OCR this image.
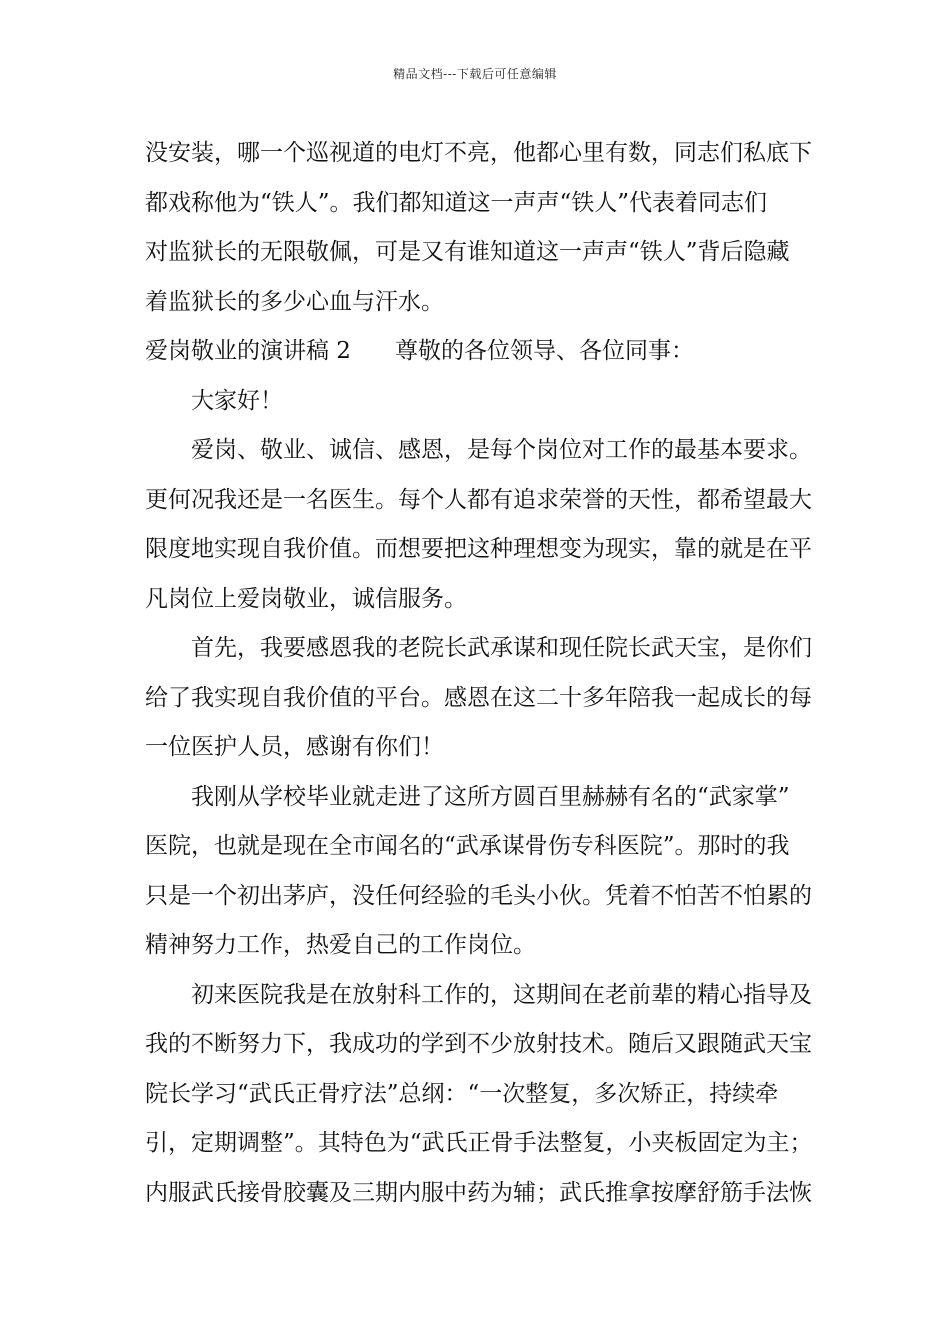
精品文档---下载后可任意编辑
没安装，哪一个巡视道的电灯不亮，他都心里有数，同志们私底下
都戏称他为“铁人”。我们都知道这一声声“铁人”代表着同志们
对监狱长的无限敬佩，可是又有谁知道这一声声“铁人”背后隐藏
着监狱长的多少心血与汗水。
爱岗敬业的演讲稿 2 尊敬的各位领导、各位同事：
大家好！
爱岗、敬业、诚信、感恩，是每个岗位对工作的最基本要求。
更何况我还是一名医生。每个人都有追求荣誉的天性，都希望最大
限度地实现自我价值。而想要把这种理想变为现实，靠的就是在平
凡岗位上爱岗敬业，诚信服务。
首先，我要感恩我的老院长武承谋和现任院长武天宝，是你们
给了我实现自我价值的平台。感恩在这二十多年陪我一起成长的每
一位医护人员，感谢有你们！
我刚从学校毕业就走进了这所方圆百里赫赫有名的“武家掌”
医院，也就是现在全市闻名的“武承谋骨伤专科医院”。那时的我
只是一个初出茅庐，没任何经验的毛头小伙。凭着不怕苦不怕累的
精神努力工作，热爱自己的工作岗位。
初来医院我是在放射科工作的，这期间在老前辈的精心指导及
我的不断努力下，我成功的学到不少放射技术。随后又跟随武天宝
院长学习“武氏正骨疗法”总纲：“一次整复，多次矫正，持续牵
引，定期调整”。其特色为“武氏正骨手法整复，小夹板固定为主；
内服武氏接骨胶囊及三期内服中药为辅；武氏推拿按摩舒筋手法恢
